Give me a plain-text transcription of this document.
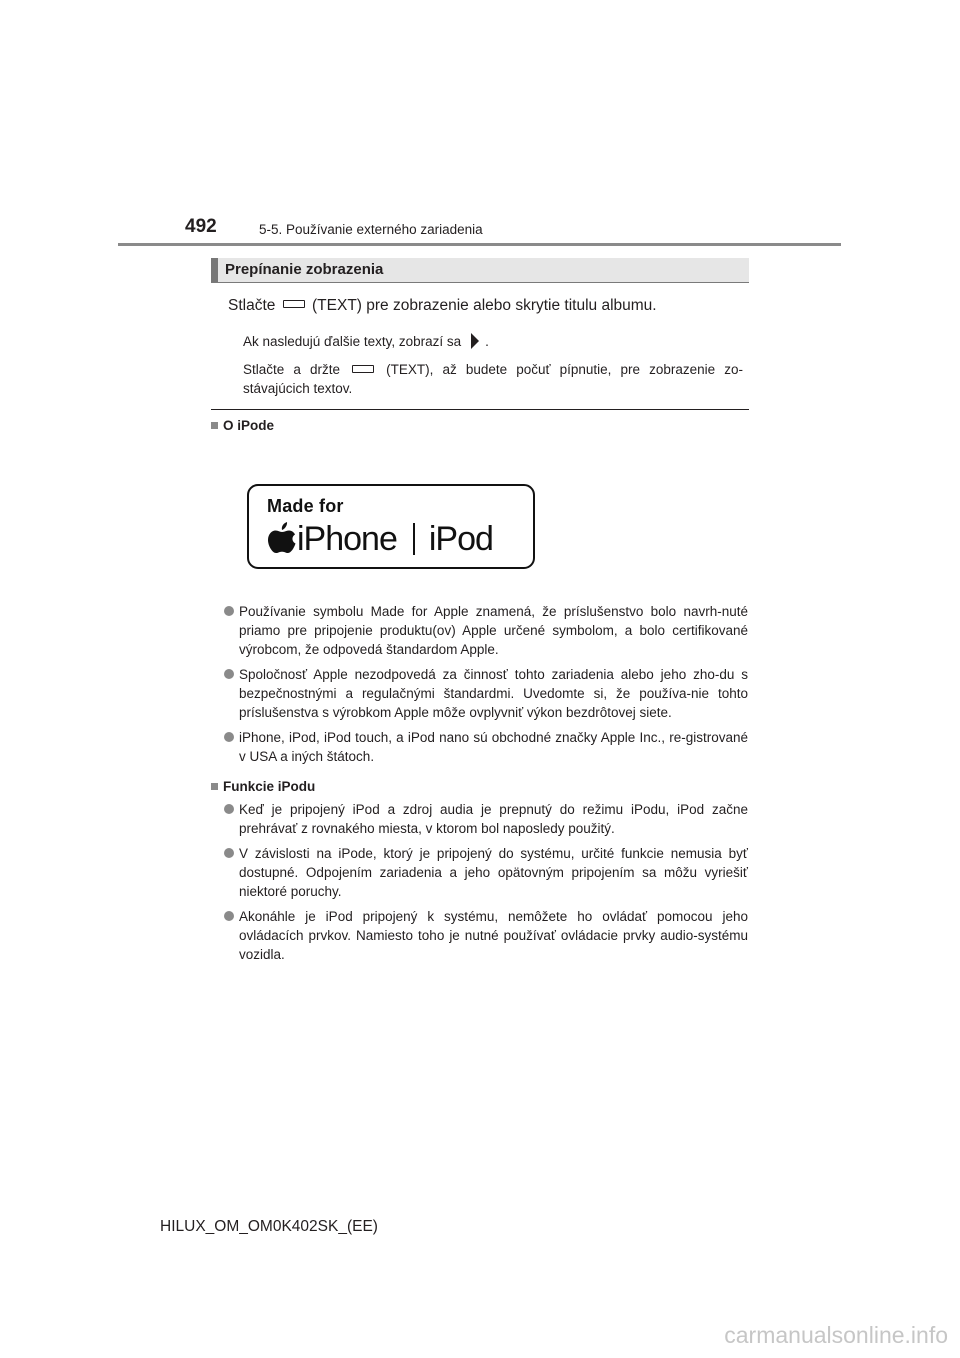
492	5-5. Používanie externého zariadenia
Prepínanie zobrazenia
Stlačte (TEXT) pre zobrazenie alebo skrytie titulu albumu.
Ak nasledujú ďalšie texty, zobrazí sa .
Stlačte a držte	(TEXT), až budete počuť pípnutie, pre zobrazenie zo-stávajúcich textov.
O iPode
Made for
iPhone iPod
Používanie symbolu Made for Apple znamená, že príslušenstvo bolo navrh-nuté priamo pre pripojenie produktu(ov) Apple určené symbolom, a bolo certifikované výrobcom, že odpovedá štandardom Apple.
Spoločnosť Apple nezodpovedá za činnosť tohto zariadenia alebo jeho zho-du s bezpečnostnými a regulačnými štandardmi. Uvedomte si, že používa-nie tohto príslušenstva s výrobkom Apple môže ovplyvniť výkon bezdrôtovej siete.
iPhone, iPod, iPod touch, a iPod nano sú obchodné značky Apple Inc., re-gistrované v USA a iných štátoch.
Funkcie iPodu
Keď je pripojený iPod a zdroj audia je prepnutý do režimu iPodu, iPod začne prehrávať z rovnakého miesta, v ktorom bol naposledy použitý.
V závislosti na iPode, ktorý je pripojený do systému, určité funkcie nemusia byť dostupné. Odpojením zariadenia a jeho opätovným pripojením sa môžu vyriešiť niektoré poruchy.
Akonáhle je iPod pripojený k systému, nemôžete ho ovládať pomocou jeho ovládacích prvkov. Namiesto toho je nutné používať ovládacie prvky audio-systému vozidla.
HILUX_OM_OM0K402SK_(EE)
carmanualsonline.info
